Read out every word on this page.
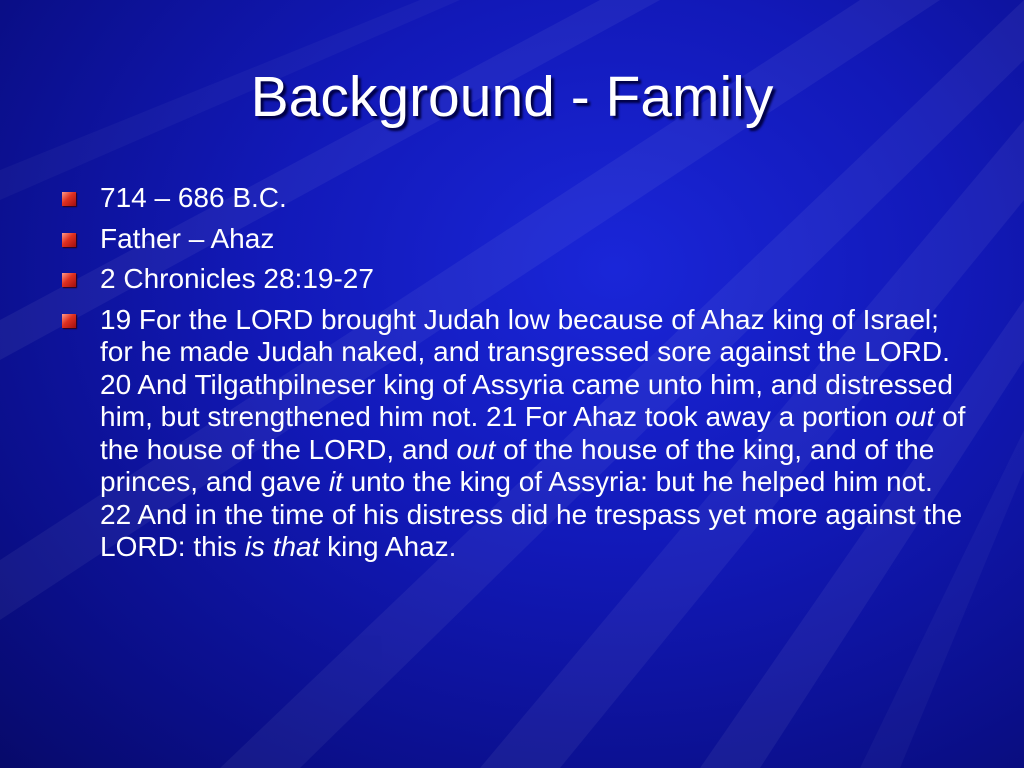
Background - Family
714 – 686 B.C.
Father – Ahaz
2 Chronicles 28:19-27
19 For the LORD brought Judah low because of Ahaz king of Israel; for he made Judah naked, and transgressed sore against the LORD. 20 And Tilgathpilneser king of Assyria came unto him, and distressed him, but strengthened him not. 21 For Ahaz took away a portion out of the house of the LORD, and out of the house of the king, and of the princes, and gave it unto the king of Assyria: but he helped him not. 22 And in the time of his distress did he trespass yet more against the LORD: this is that king Ahaz.
